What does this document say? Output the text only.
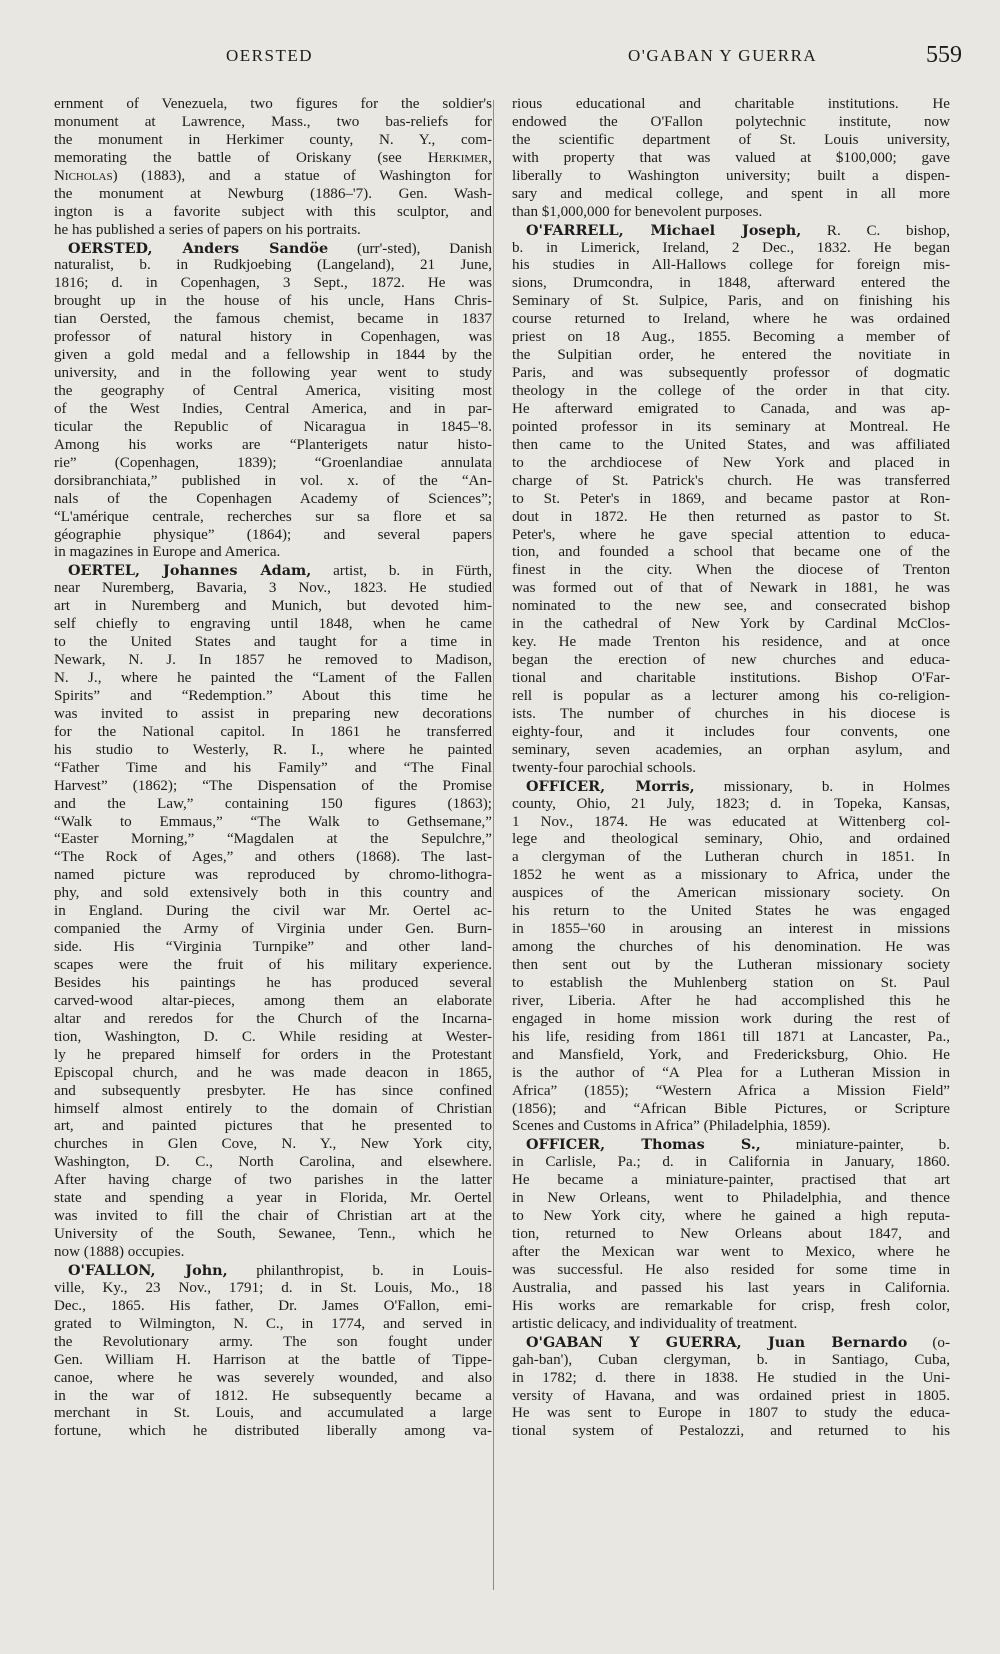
OERSTED	O'GABAN Y GUERRA	559
ernment of Venezuela, two figures for the soldier's
monument at Lawrence, Mass., two bas-reliefs for
the monument in Herkimer county, N. Y., com-
memorating the battle of Oriskany (see Herkimer,
Nicholas) (1883), and a statue of Washington for
the monument at Newburg (1886–'7). Gen. Wash-
ington is a favorite subject with this sculptor, and
he has published a series of papers on his portraits.
OERSTED, Anders Sandöe (urr'-sted), Danish
naturalist, b. in Rudkjoebing (Langeland), 21 June,
1816; d. in Copenhagen, 3 Sept., 1872. He was
brought up in the house of his uncle, Hans Chris-
tian Oersted, the famous chemist, became in 1837
professor of natural history in Copenhagen, was
given a gold medal and a fellowship in 1844 by the
university, and in the following year went to study
the geography of Central America, visiting most
of the West Indies, Central America, and in par-
ticular the Republic of Nicaragua in 1845–'8.
Among his works are “Planterigets natur histo-
rie” (Copenhagen, 1839); “Groenlandiae annulata
dorsibranchiata,” published in vol. x. of the “An-
nals of the Copenhagen Academy of Sciences”;
“L'amérique centrale, recherches sur sa flore et sa
géographie physique” (1864); and several papers
in magazines in Europe and America.
OERTEL, Johannes Adam, artist, b. in Fürth,
near Nuremberg, Bavaria, 3 Nov., 1823. He studied
art in Nuremberg and Munich, but devoted him-
self chiefly to engraving until 1848, when he came
to the United States and taught for a time in
Newark, N. J. In 1857 he removed to Madison,
N. J., where he painted the “Lament of the Fallen
Spirits” and “Redemption.” About this time he
was invited to assist in preparing new decorations
for the National capitol. In 1861 he transferred
his studio to Westerly, R. I., where he painted
“Father Time and his Family” and “The Final
Harvest” (1862); “The Dispensation of the Promise
and the Law,” containing 150 figures (1863);
“Walk to Emmaus,” “The Walk to Gethsemane,”
“Easter Morning,” “Magdalen at the Sepulchre,”
“The Rock of Ages,” and others (1868). The last-
named picture was reproduced by chromo-lithogra-
phy, and sold extensively both in this country and
in England. During the civil war Mr. Oertel ac-
companied the Army of Virginia under Gen. Burn-
side. His “Virginia Turnpike” and other land-
scapes were the fruit of his military experience.
Besides his paintings he has produced several
carved-wood altar-pieces, among them an elaborate
altar and reredos for the Church of the Incarna-
tion, Washington, D. C. While residing at Wester-
ly he prepared himself for orders in the Protestant
Episcopal church, and he was made deacon in 1865,
and subsequently presbyter. He has since confined
himself almost entirely to the domain of Christian
art, and painted pictures that he presented to
churches in Glen Cove, N. Y., New York city,
Washington, D. C., North Carolina, and elsewhere.
After having charge of two parishes in the latter
state and spending a year in Florida, Mr. Oertel
was invited to fill the chair of Christian art at the
University of the South, Sewanee, Tenn., which he
now (1888) occupies.
O'FALLON, John, philanthropist, b. in Louis-
ville, Ky., 23 Nov., 1791; d. in St. Louis, Mo., 18
Dec., 1865. His father, Dr. James O'Fallon, emi-
grated to Wilmington, N. C., in 1774, and served in
the Revolutionary army. The son fought under
Gen. William H. Harrison at the battle of Tippe-
canoe, where he was severely wounded, and also
in the war of 1812. He subsequently became a
merchant in St. Louis, and accumulated a large
fortune, which he distributed liberally among va-
rious educational and charitable institutions. He
endowed the O'Fallon polytechnic institute, now
the scientific department of St. Louis university,
with property that was valued at $100,000; gave
liberally to Washington university; built a dispen-
sary and medical college, and spent in all more
than $1,000,000 for benevolent purposes.
O'FARRELL, Michael Joseph, R. C. bishop,
b. in Limerick, Ireland, 2 Dec., 1832. He began
his studies in All-Hallows college for foreign mis-
sions, Drumcondra, in 1848, afterward entered the
Seminary of St. Sulpice, Paris, and on finishing his
course returned to Ireland, where he was ordained
priest on 18 Aug., 1855. Becoming a member of
the Sulpitian order, he entered the novitiate in
Paris, and was subsequently professor of dogmatic
theology in the college of the order in that city.
He afterward emigrated to Canada, and was ap-
pointed professor in its seminary at Montreal. He
then came to the United States, and was affiliated
to the archdiocese of New York and placed in
charge of St. Patrick's church. He was transferred
to St. Peter's in 1869, and became pastor at Ron-
dout in 1872. He then returned as pastor to St.
Peter's, where he gave special attention to educa-
tion, and founded a school that became one of the
finest in the city. When the diocese of Trenton
was formed out of that of Newark in 1881, he was
nominated to the new see, and consecrated bishop
in the cathedral of New York by Cardinal McClos-
key. He made Trenton his residence, and at once
began the erection of new churches and educa-
tional and charitable institutions. Bishop O'Far-
rell is popular as a lecturer among his co-religion-
ists. The number of churches in his diocese is
eighty-four, and it includes four convents, one
seminary, seven academies, an orphan asylum, and
twenty-four parochial schools.
OFFICER, Morris, missionary, b. in Holmes
county, Ohio, 21 July, 1823; d. in Topeka, Kansas,
1 Nov., 1874. He was educated at Wittenberg col-
lege and theological seminary, Ohio, and ordained
a clergyman of the Lutheran church in 1851. In
1852 he went as a missionary to Africa, under the
auspices of the American missionary society. On
his return to the United States he was engaged
in 1855–'60 in arousing an interest in missions
among the churches of his denomination. He was
then sent out by the Lutheran missionary society
to establish the Muhlenberg station on St. Paul
river, Liberia. After he had accomplished this he
engaged in home mission work during the rest of
his life, residing from 1861 till 1871 at Lancaster, Pa.,
and Mansfield, York, and Fredericksburg, Ohio. He
is the author of “A Plea for a Lutheran Mission in
Africa” (1855); “Western Africa a Mission Field”
(1856); and “African Bible Pictures, or Scripture
Scenes and Customs in Africa” (Philadelphia, 1859).
OFFICER, Thomas S., miniature-painter, b.
in Carlisle, Pa.; d. in California in January, 1860.
He became a miniature-painter, practised that art
in New Orleans, went to Philadelphia, and thence
to New York city, where he gained a high reputa-
tion, returned to New Orleans about 1847, and
after the Mexican war went to Mexico, where he
was successful. He also resided for some time in
Australia, and passed his last years in California.
His works are remarkable for crisp, fresh color,
artistic delicacy, and individuality of treatment.
O'GABAN Y GUERRA, Juan Bernardo (o-
gah-ban'), Cuban clergyman, b. in Santiago, Cuba,
in 1782; d. there in 1838. He studied in the Uni-
versity of Havana, and was ordained priest in 1805.
He was sent to Europe in 1807 to study the educa-
tional system of Pestalozzi, and returned to his
